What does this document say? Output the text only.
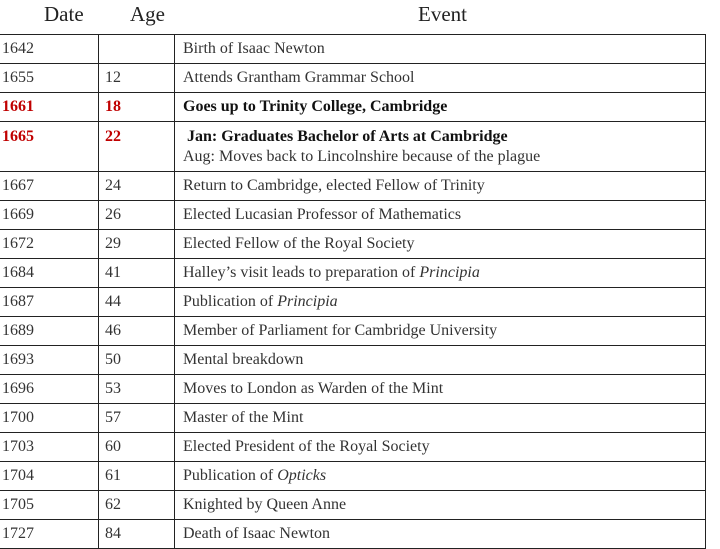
Date Age	Event
1642		Birth of Isaac Newton
1655	12	Attends Grantham Grammar School
1661	18	Goes up to Trinity College, Cambridge
1665	22	Jan: Graduates Bachelor of Arts at Cambridge
Aug: Moves back to Lincolnshire because of the plague

1667	24	Return to Cambridge, elected Fellow of Trinity
1669	26	Elected Lucasian Professor of Mathematics
1672	29	Elected Fellow of the Royal Society
1684	41	Halley’s visit leads to preparation of Principia
1687	44	Publication of Principia
1689	46	Member of Parliament for Cambridge University
1693	50	Mental breakdown
1696	53	Moves to London as Warden of the Mint
1700	57	Master of the Mint
1703	60	Elected President of the Royal Society
1704	61	Publication of Opticks
1705	62	Knighted by Queen Anne
1727	84	Death of Isaac Newton
